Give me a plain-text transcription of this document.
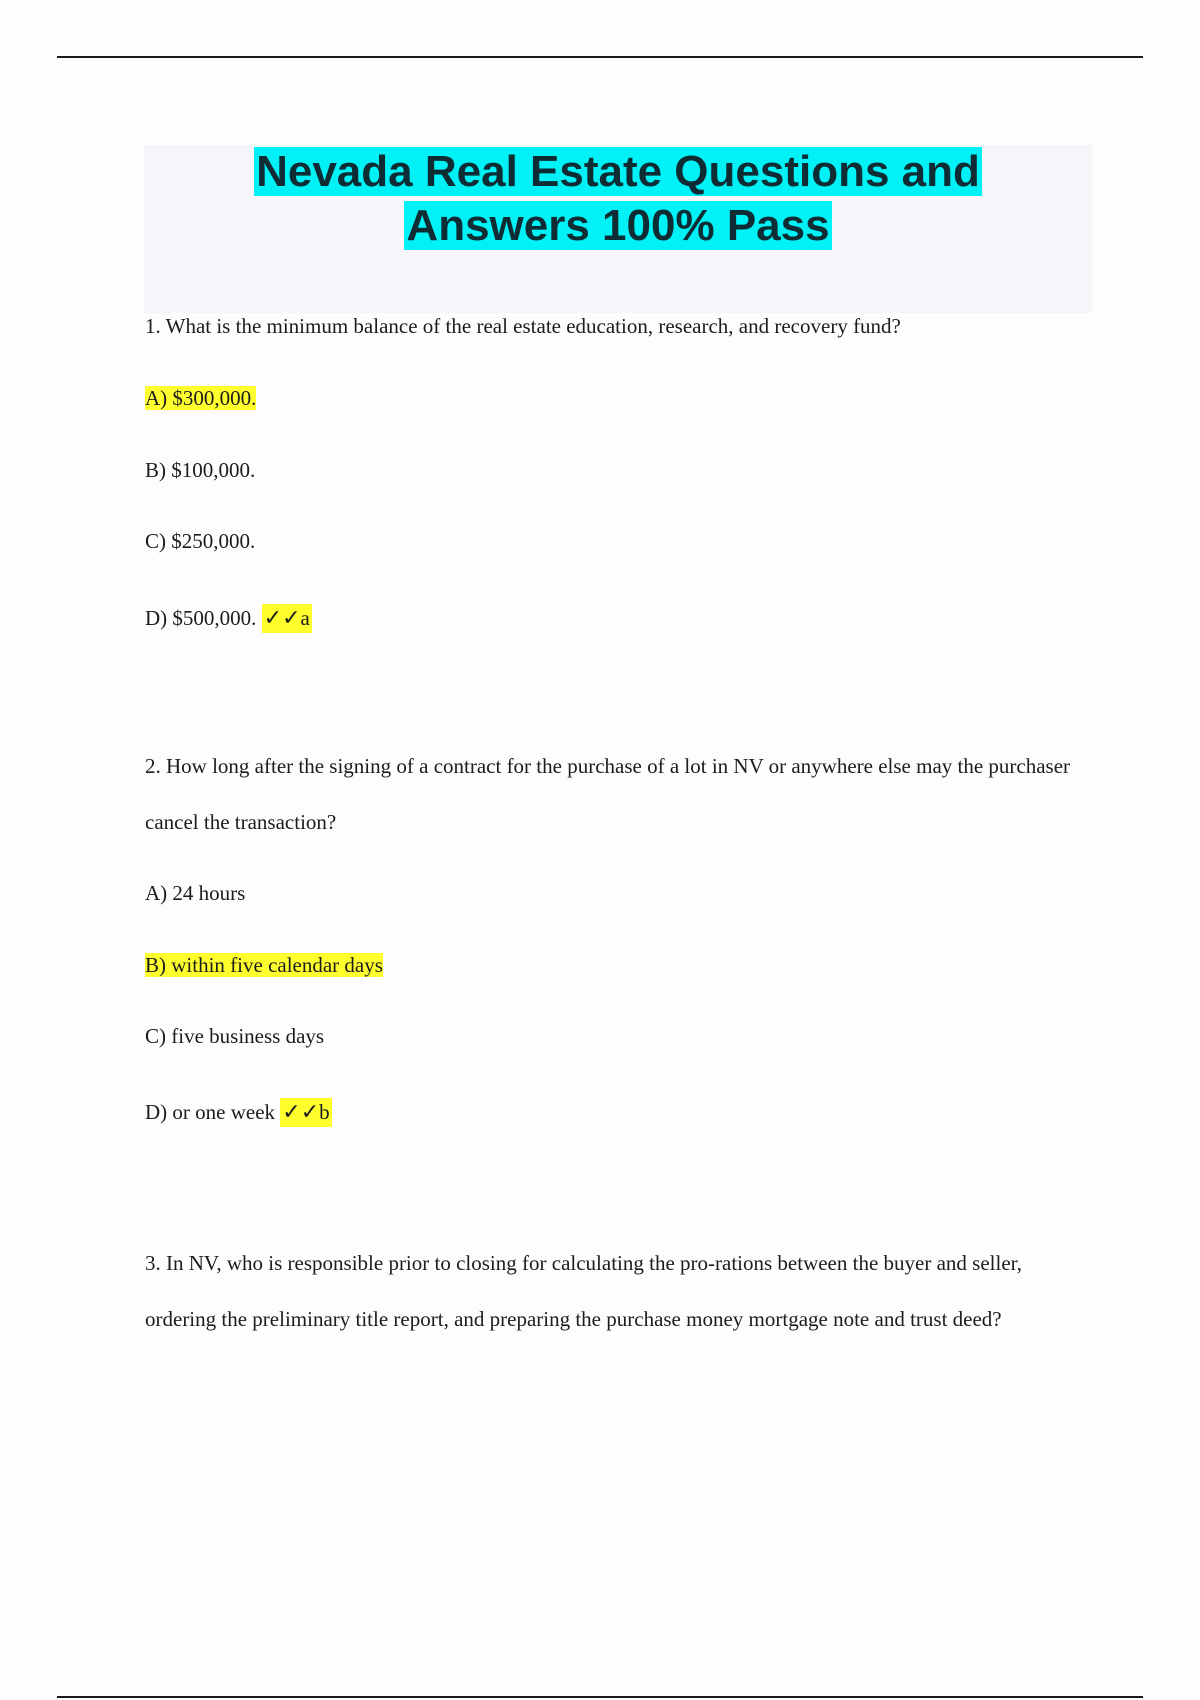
Nevada Real Estate Questions and
Answers 100% Pass

1. What is the minimum balance of the real estate education, research, and recovery fund?

A) $300,000.

B) $100,000.

C) $250,000.

D) $500,000. ✓✓a

2. How long after the signing of a contract for the purchase of a lot in NV or anywhere else may the purchaser cancel the transaction?

A) 24 hours

B) within five calendar days

C) five business days

D) or one week ✓✓b

3. In NV, who is responsible prior to closing for calculating the pro-rations between the buyer and seller, ordering the preliminary title report, and preparing the purchase money mortgage note and trust deed?
